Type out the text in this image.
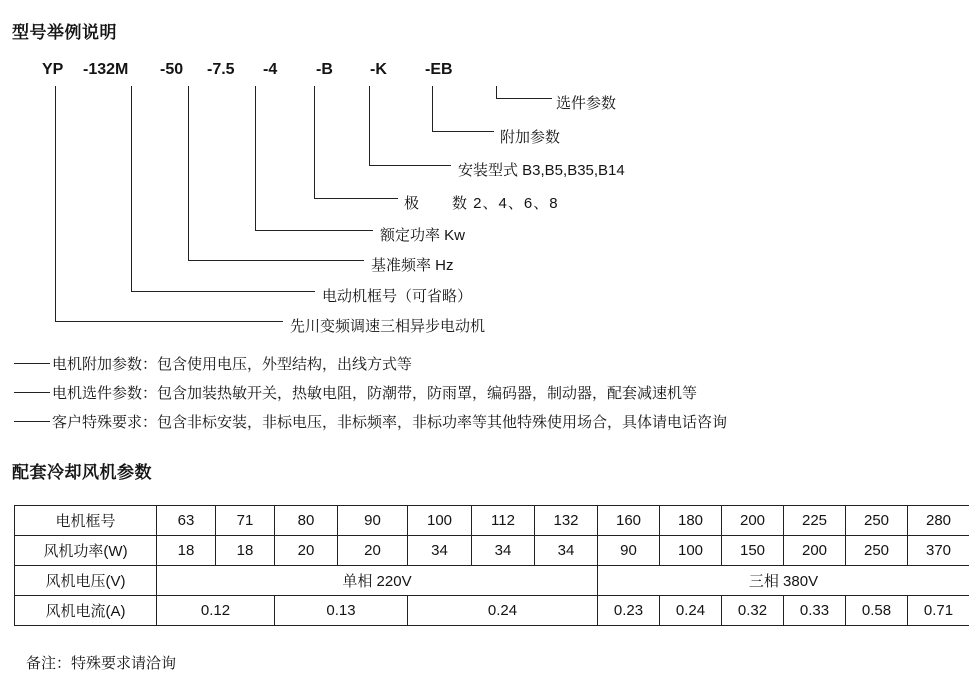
型号举例说明
YP -132M -50 -7.5 -4 -B -K -EB
选件参数
附加参数
安装型式 B3,B5,B35,B14
极　　数 2、4、6、8
额定功率 Kw
基准频率 Hz
电动机框号（可省略）
先川变频调速三相异步电动机
电机附加参数：包含使用电压，外型结构，出线方式等
电机选件参数：包含加装热敏开关，热敏电阻，防潮带，防雨罩，编码器，制动器，配套减速机等
客户特殊要求：包含非标安装，非标电压，非标频率，非标功率等其他特殊使用场合，具体请电话咨询
配套冷却风机参数
电机框号	63	71	80	90	100	112	132	160	180	200	225	250	280
风机功率(W)	18	18	20	20	34	34	34	90	100	150	200	250	370
风机电压(V)	单相 220V							三相 380V					
风机电流(A)	0.12		0.13		0.24			0.23	0.24	0.32	0.33	0.58	0.71
备注：特殊要求请洽询
